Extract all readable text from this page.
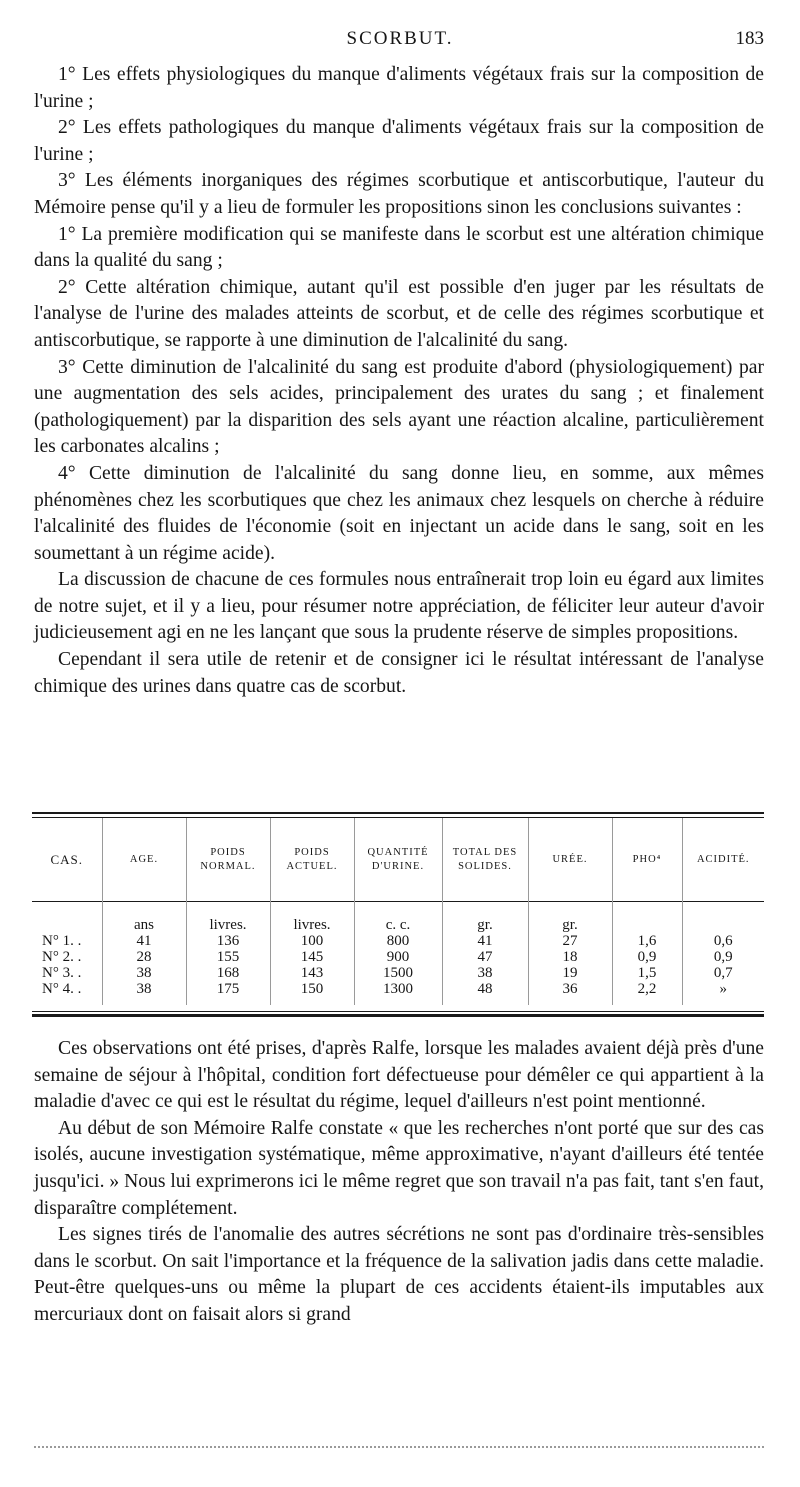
SCORBUT.	183

1° Les effets physiologiques du manque d'aliments végétaux frais sur la composition de l'urine ;

2° Les effets pathologiques du manque d'aliments végétaux frais sur la composition de l'urine ;

3° Les éléments inorganiques des régimes scorbutique et antiscorbutique, l'auteur du Mémoire pense qu'il y a lieu de formuler les propositions sinon les conclusions suivantes :

1° La première modification qui se manifeste dans le scorbut est une altération chimique dans la qualité du sang ;

2° Cette altération chimique, autant qu'il est possible d'en juger par les résultats de l'analyse de l'urine des malades atteints de scorbut, et de celle des régimes scorbutique et antiscorbutique, se rapporte à une diminution de l'alcalinité du sang.

3° Cette diminution de l'alcalinité du sang est produite d'abord (physiologiquement) par une augmentation des sels acides, principalement des urates du sang ; et finalement (pathologiquement) par la disparition des sels ayant une réaction alcaline, particulièrement les carbonates alcalins ;

4° Cette diminution de l'alcalinité du sang donne lieu, en somme, aux mêmes phénomènes chez les scorbutiques que chez les animaux chez lesquels on cherche à réduire l'alcalinité des fluides de l'économie (soit en injectant un acide dans le sang, soit en les soumettant à un régime acide).

La discussion de chacune de ces formules nous entraînerait trop loin eu égard aux limites de notre sujet, et il y a lieu, pour résumer notre appréciation, de féliciter leur auteur d'avoir judicieusement agi en ne les lançant que sous la prudente réserve de simples propositions.

Cependant il sera utile de retenir et de consigner ici le résultat intéressant de l'analyse chimique des urines dans quatre cas de scorbut.

CAS.	AGE.	POIDS NORMAL.	POIDS ACTUEL.	QUANTITÉ D'URINE.	TOTAL DES SOLIDES.	URÉE.	PHO⁴	ACIDITÉ.
	ans	livres.	livres.	c. c.	gr.	gr.		
N° 1. .	41	136	100	800	41	27	1,6	0,6
N° 2. .	28	155	145	900	47	18	0,9	0,9
N° 3. .	38	168	143	1500	38	19	1,5	0,7
N° 4. .	38	175	150	1300	48	36	2,2	»

Ces observations ont été prises, d'après Ralfe, lorsque les malades avaient déjà près d'une semaine de séjour à l'hôpital, condition fort défectueuse pour démêler ce qui appartient à la maladie d'avec ce qui est le résultat du régime, lequel d'ailleurs n'est point mentionné.

Au début de son Mémoire Ralfe constate « que les recherches n'ont porté que sur des cas isolés, aucune investigation systématique, même approximative, n'ayant d'ailleurs été tentée jusqu'ici. » Nous lui exprimerons ici le même regret que son travail n'a pas fait, tant s'en faut, disparaître complétement.

Les signes tirés de l'anomalie des autres sécrétions ne sont pas d'ordinaire très-sensibles dans le scorbut. On sait l'importance et la fréquence de la salivation jadis dans cette maladie. Peut-être quelques-uns ou même la plupart de ces accidents étaient-ils imputables aux mercuriaux dont on faisait alors si grand
